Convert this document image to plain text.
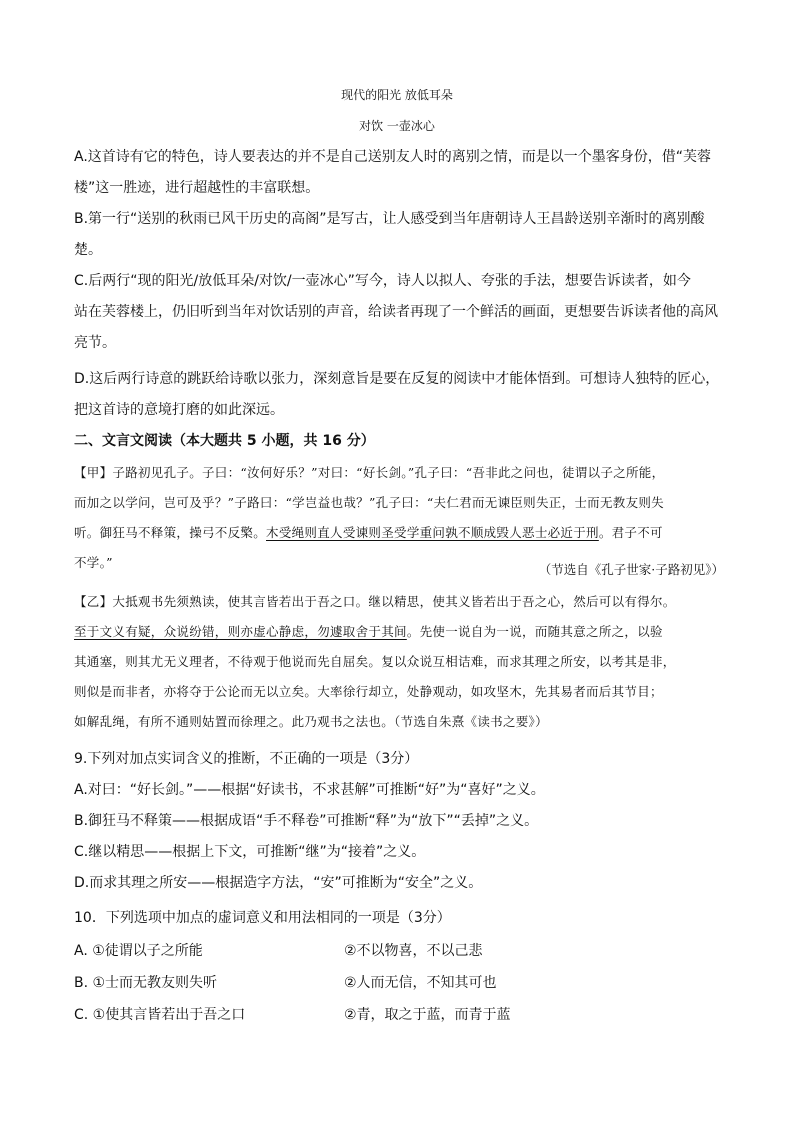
现代的阳光 放低耳朵
对饮 一壶冰心
A.这首诗有它的特色，诗人要表达的并不是自己送别友人时的离别之情，而是以一个墨客身份，借“芙蓉
楼”这一胜迹，进行超越性的丰富联想。
B.第一行“送别的秋雨已风干历史的高阁”是写古，让人感受到当年唐朝诗人王昌龄送别辛渐时的离别酸
楚。
C.后两行“现的阳光/放低耳朵/对饮/一壶冰心”写今，诗人以拟人、夸张的手法，想要告诉读者，如今
站在芙蓉楼上，仍旧听到当年对饮话别的声音，给读者再现了一个鲜活的画面，更想要告诉读者他的高风
亮节。
D.这后两行诗意的跳跃给诗歌以张力，深刻意旨是要在反复的阅读中才能体悟到。可想诗人独特的匠心，
把这首诗的意境打磨的如此深远。
二、文言文阅读（本大题共 5 小题，共 16 分）
【甲】子路初见孔子。子曰：“汝何好乐？”对曰：“好长剑。”孔子曰：“吾非此之问也，徒谓以子之所能，
而加之以学问，岂可及乎？”子路曰：“学岂益也哉？”孔子曰：“夫仁君而无谏臣则失正，士而无教友则失
听。御狂马不释策，操弓不反檠。木受绳则直人受谏则圣受学重问孰不顺成毁人恶士必近于刑。君子不可
不学。”	（节选自《孔子世家·子路初见》）
【乙】大抵观书先须熟读，使其言皆若出于吾之口。继以精思，使其义皆若出于吾之心，然后可以有得尔。
至于文义有疑，众说纷错，则亦虚心静虑，勿遽取舍于其间。先使一说自为一说，而随其意之所之，以验
其通塞，则其尤无义理者，不待观于他说而先自屈矣。复以众说互相诘难，而求其理之所安，以考其是非，
则似是而非者，亦将夺于公论而无以立矣。大率徐行却立，处静观动，如攻坚木，先其易者而后其节目；
如解乱绳，有所不通则姑置而徐理之。此乃观书之法也。（节选自朱熹《读书之要》）
9.下列对加点实词含义的推断，不正确的一项是（3分）
A.对曰：“好长剑。”——根据“好读书，不求甚解”可推断“好”为“喜好”之义。
B.御狂马不释策——根据成语“手不释卷”可推断“释”为“放下”“丢掉”之义。
C.继以精思——根据上下文，可推断“继”为“接着”之义。
D.而求其理之所安——根据造字方法，“安”可推断为“安全”之义。
10．下列选项中加点的虚词意义和用法相同的一项是（3分）
A. ①徒谓以子之所能	②不以物喜，不以己悲
B. ①士而无教友则失听	②人而无信，不知其可也
C. ①使其言皆若出于吾之口	②青，取之于蓝，而青于蓝
